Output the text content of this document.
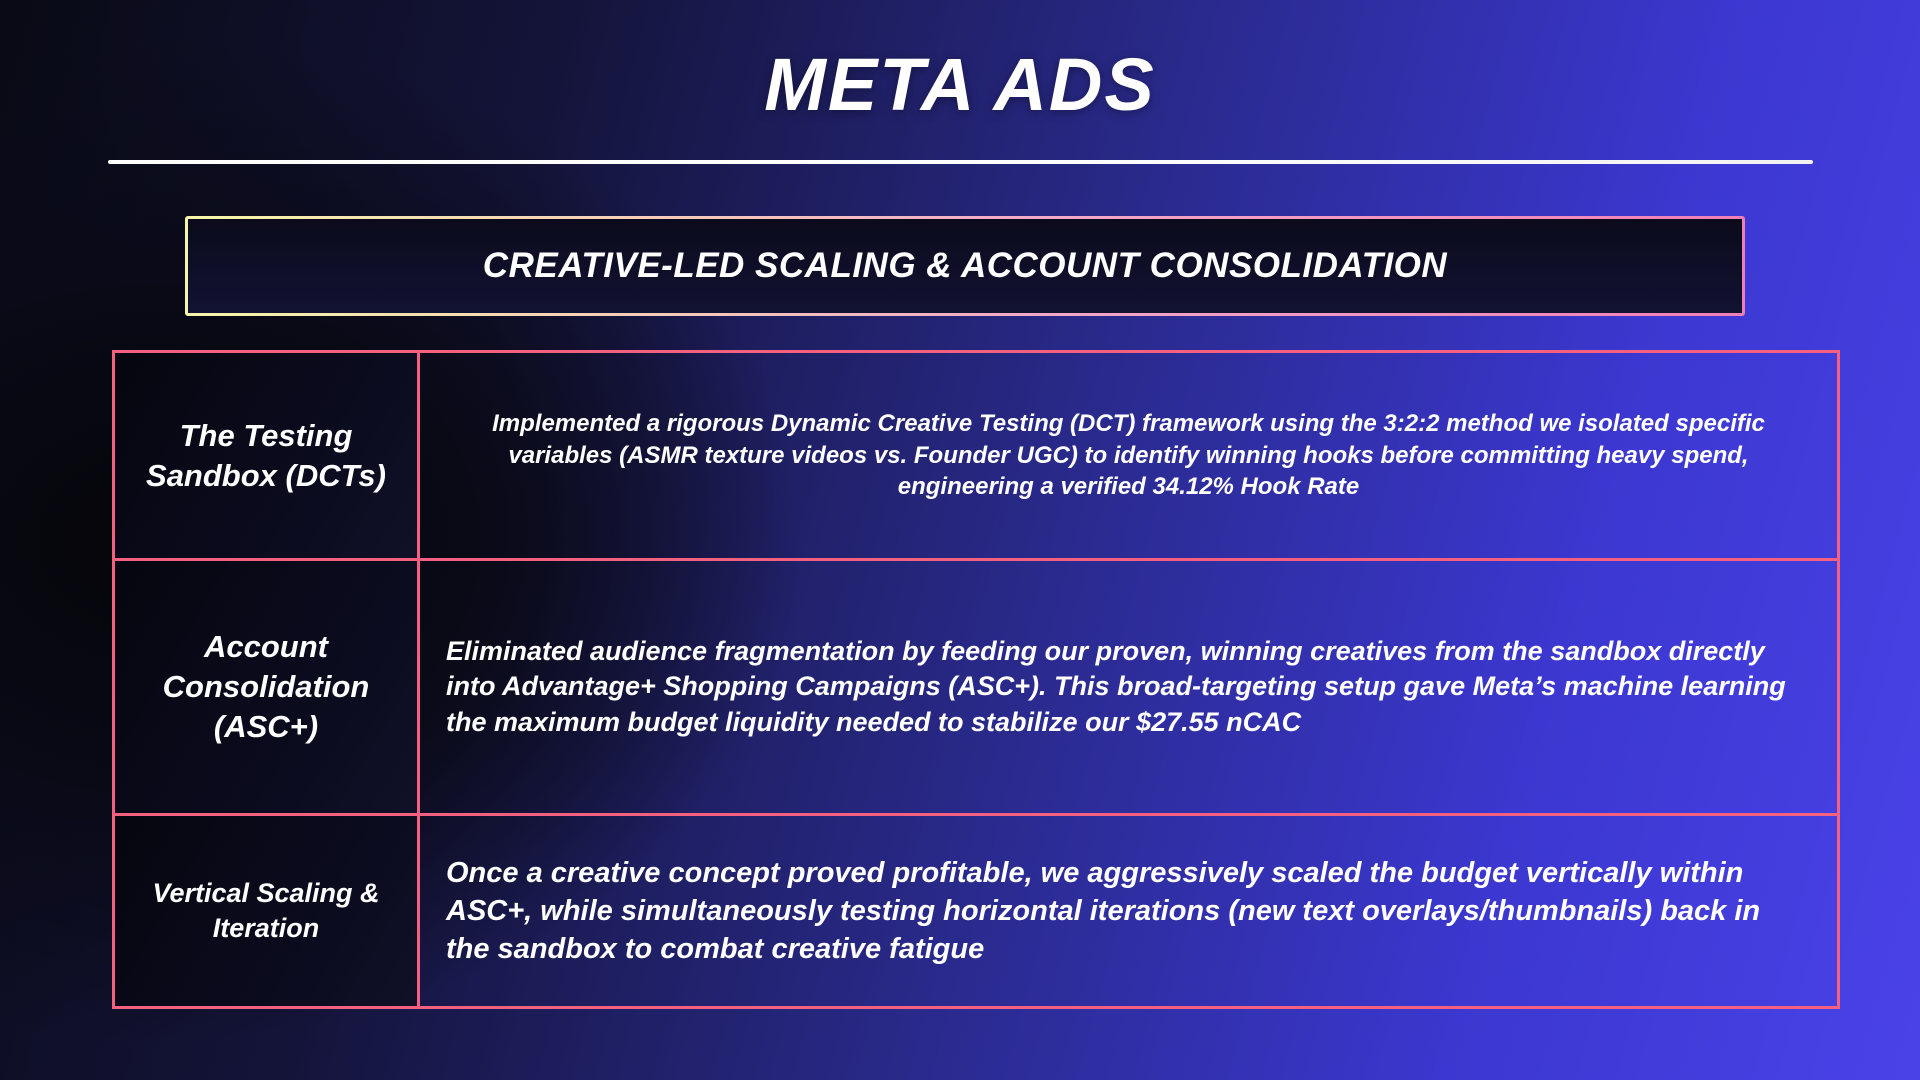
META ADS
CREATIVE-LED SCALING & ACCOUNT CONSOLIDATION
The Testing Sandbox (DCTs)
Implemented a rigorous Dynamic Creative Testing (DCT) framework using the 3:2:2 method we isolated specific variables (ASMR texture videos vs. Founder UGC) to identify winning hooks before committing heavy spend, engineering a verified 34.12% Hook Rate
Account Consolidation (ASC+)
Eliminated audience fragmentation by feeding our proven, winning creatives from the sandbox directly into Advantage+ Shopping Campaigns (ASC+). This broad-targeting setup gave Meta’s machine learning the maximum budget liquidity needed to stabilize our $27.55 nCAC
Vertical Scaling & Iteration
Once a creative concept proved profitable, we aggressively scaled the budget vertically within ASC+, while simultaneously testing horizontal iterations (new text overlays/thumbnails) back in the sandbox to combat creative fatigue
